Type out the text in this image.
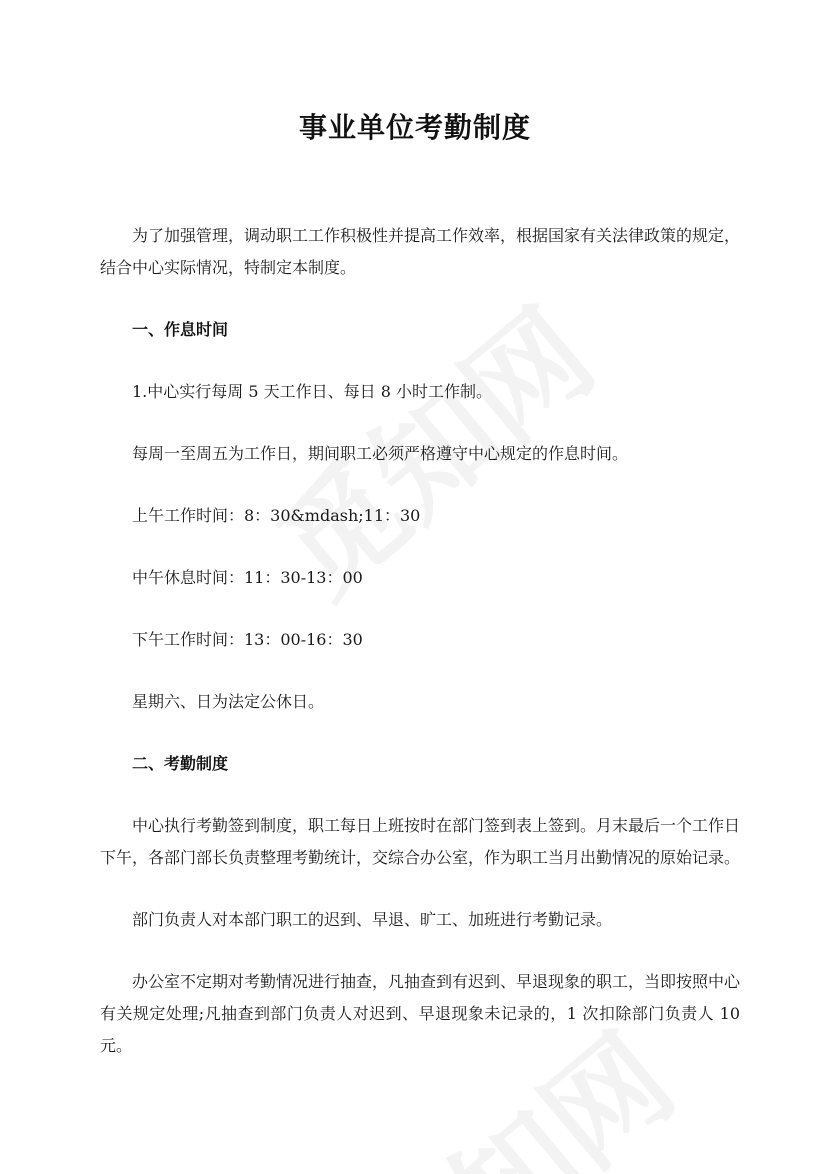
事业单位考勤制度

为了加强管理，调动职工工作积极性并提高工作效率，根据国家有关法律政策的规定，结合中心实际情况，特制定本制度。

一、作息时间

1.中心实行每周 5 天工作日、每日 8 小时工作制。

每周一至周五为工作日，期间职工必须严格遵守中心规定的作息时间。

上午工作时间：8：30&mdash;11：30

中午休息时间：11：30-13：00

下午工作时间：13：00-16：30

星期六、日为法定公休日。

二、考勤制度

中心执行考勤签到制度，职工每日上班按时在部门签到表上签到。月末最后一个工作日下午，各部门部长负责整理考勤统计，交综合办公室，作为职工当月出勤情况的原始记录。

部门负责人对本部门职工的迟到、早退、旷工、加班进行考勤记录。

办公室不定期对考勤情况进行抽查，凡抽查到有迟到、早退现象的职工，当即按照中心有关规定处理;凡抽查到部门负责人对迟到、早退现象未记录的，1 次扣除部门负责人 10 元。
